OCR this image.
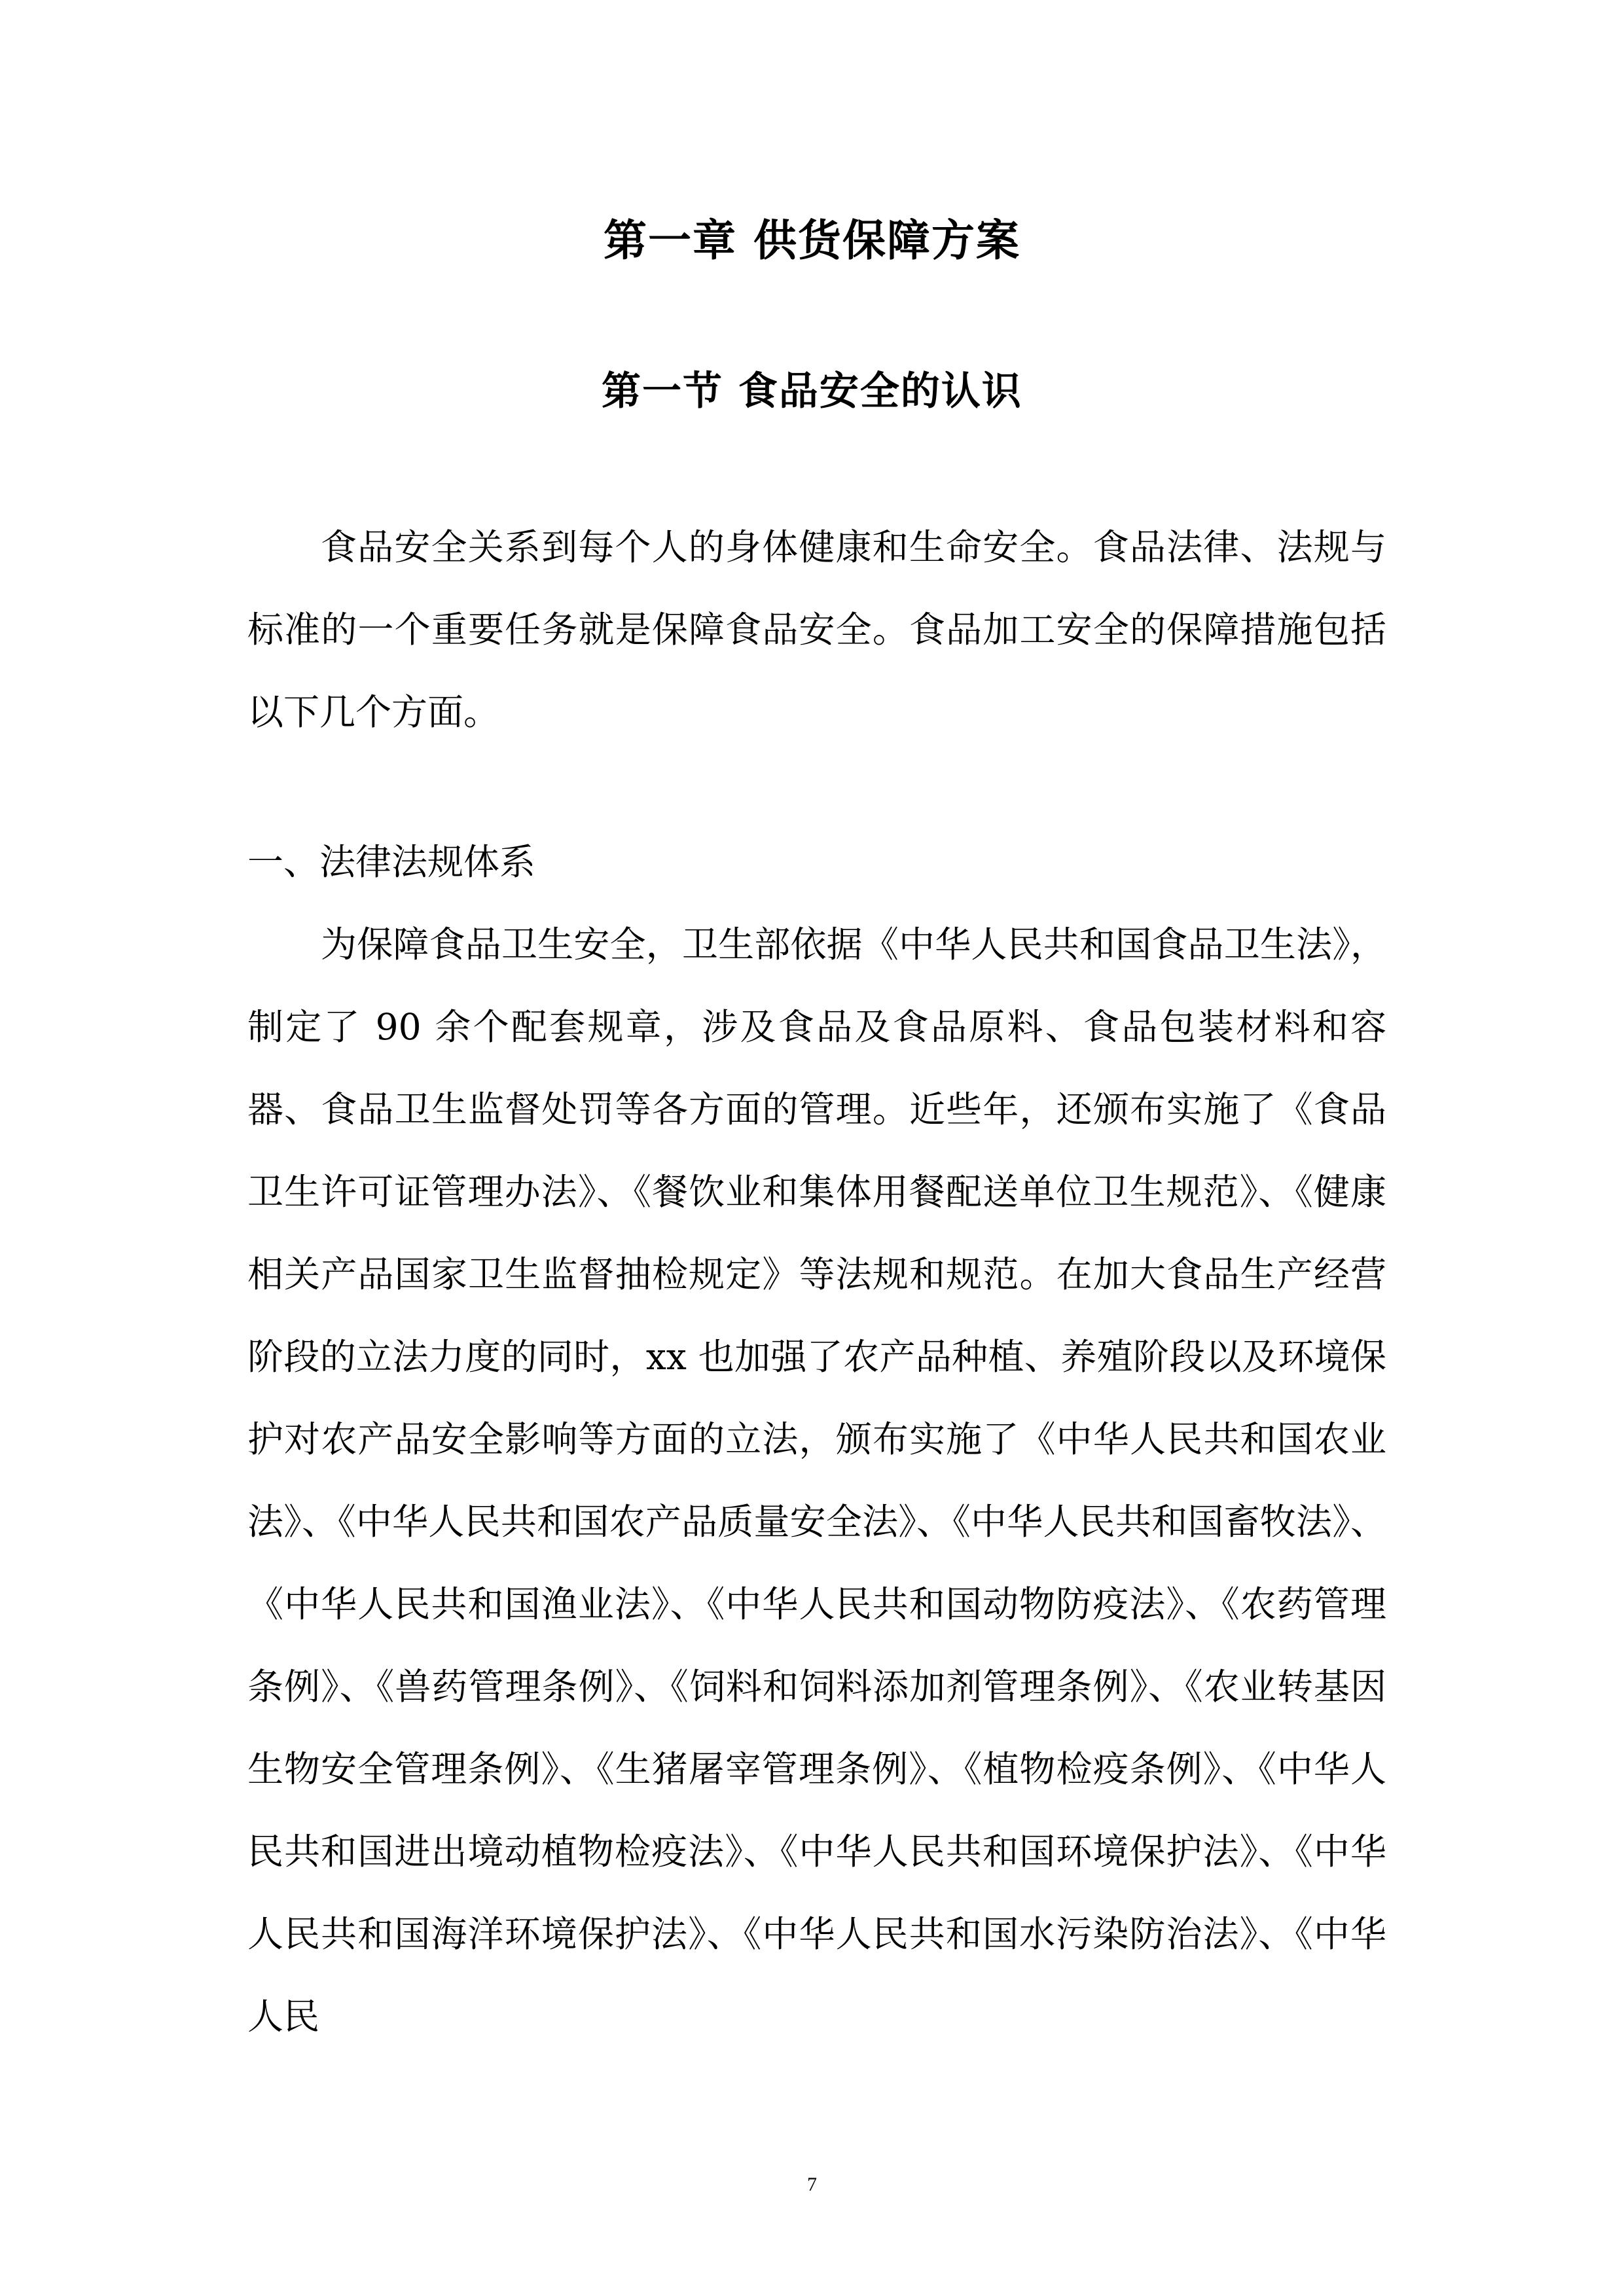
第一章 供货保障方案
第一节 食品安全的认识
食品安全关系到每个人的身体健康和生命安全。食品法律、法规与标准的一个重要任务就是保障食品安全。食品加工安全的保障措施包括以下几个方面。
一、法律法规体系
为保障食品卫生安全，卫生部依据《中华人民共和国食品卫生法》，制定了 90 余个配套规章，涉及食品及食品原料、食品包装材料和容器、食品卫生监督处罚等各方面的管理。近些年，还颁布实施了《食品卫生许可证管理办法》、《餐饮业和集体用餐配送单位卫生规范》、《健康相关产品国家卫生监督抽检规定》等法规和规范。在加大食品生产经营阶段的立法力度的同时，xx 也加强了农产品种植、养殖阶段以及环境保护对农产品安全影响等方面的立法，颁布实施了《中华人民共和国农业法》、《中华人民共和国农产品质量安全法》、《中华人民共和国畜牧法》、《中华人民共和国渔业法》、《中华人民共和国动物防疫法》、《农药管理条例》、《兽药管理条例》、《饲料和饲料添加剂管理条例》、《农业转基因生物安全管理条例》、《生猪屠宰管理条例》、《植物检疫条例》、《中华人民共和国进出境动植物检疫法》、《中华人民共和国环境保护法》、《中华人民共和国海洋环境保护法》、《中华人民共和国水污染防治法》、《中华人民
7
